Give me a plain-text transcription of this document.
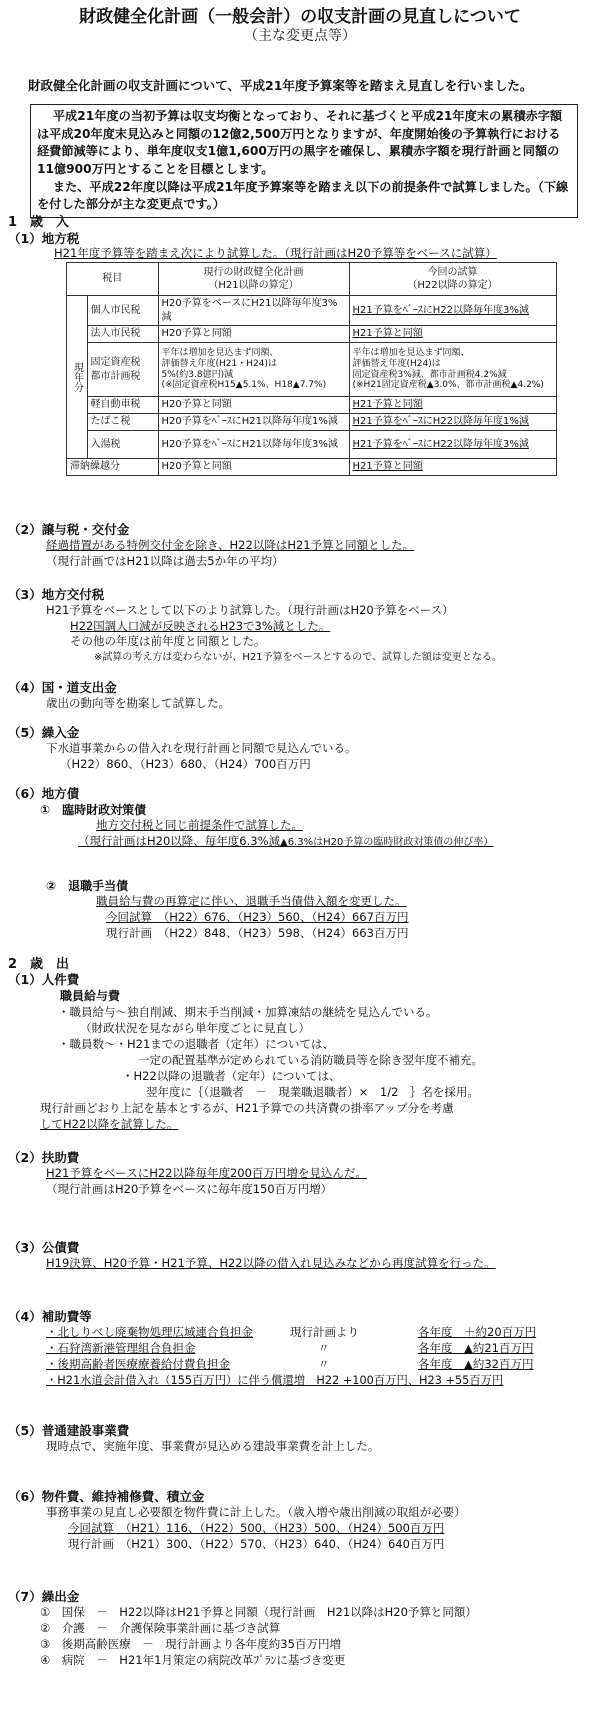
財政健全化計画（一般会計）の収支計画の見直しについて
（主な変更点等）
財政健全化計画の収支計画について、平成21年度予算案等を踏まえ見直しを行いました。

平成21年度の当初予算は収支均衡となっており、それに基づくと平成21年度末の累積赤字額は平成20年度末見込みと同額の12億2,500万円となりますが、年度開始後の予算執行における経費節減等により、単年度収支1億1,600万円の黒字を確保し、累積赤字額を現行計画と同額の11億900万円とすることを目標とします。

また、平成22年度以降は平成21年度予算案等を踏まえ以下の前提条件で試算しました。（下線を付した部分が主な変更点です。）

1　歳　入
（1）地方税
H21年度予算等を踏まえ次により試算した。（現行計画はH20予算等をベースに試算）
税目		現行の財政健全化計画
（H21以降の算定）	今回の試算
（H22以降の算定）
現年分	個人市民税	H20予算をベースにH21以降毎年度3%減	H21予算をﾍﾞｰｽにH22以降毎年度3%減
	法人市民税	H20予算と同額	H21予算と同額
	固定資産税
都市計画税	平年は増加を見込まず同額、
評価替え年度(H21・H24)は
5%(約3.8億円)減
(※固定資産税H15▲5.1%、H18▲7.7%)	平年は増加を見込まず同額、
評価替え年度(H24)は
固定資産税3%減、都市計画税4.2%減
(※H21固定資産税▲3.0%、都市計画税▲4.2%)
	軽自動車税	H20予算と同額	H21予算と同額
	たばこ税	H20予算をﾍﾞｰｽにH21以降毎年度1%減	H21予算をﾍﾞｰｽにH22以降毎年度1%減
	入湯税	H20予算をﾍﾞｰｽにH21以降毎年度3%減	H21予算をﾍﾞｰｽにH22以降毎年度3%減
滞納繰越分		H20予算と同額	H21予算と同額
（2）譲与税・交付金
経過措置がある特例交付金を除き、H22以降はH21予算と同額とした。
（現行計画ではH21以降は過去5か年の平均）
（3）地方交付税
H21予算をベースとして以下のより試算した。（現行計画はH20予算をベース）
H22国調人口減が反映されるH23で3%減とした。
その他の年度は前年度と同額とした。
※試算の考え方は変わらないが、H21予算をベースとするので、試算した額は変更となる。
（4）国・道支出金
歳出の動向等を勘案して試算した。
（5）繰入金
下水道事業からの借入れを現行計画と同額で見込んでいる。
（H22）860、（H23）680、（H24）700百万円
（6）地方債
①　臨時財政対策債
地方交付税と同じ前提条件で試算した。
（現行計画はH20以降、毎年度6.3%減▲6.3%はH20予算の臨時財政対策債の伸び率）
②　退職手当債
職員給与費の再算定に伴い、退職手当債借入額を変更した。
今回試算　（H22）676、（H23）560、（H24）667百万円
現行計画　（H22）848、（H23）598、（H24）663百万円
2　歳　出
（1）人件費
職員給与費
・職員給与〜独自削減、期末手当削減・加算凍結の継続を見込んでいる。
（財政状況を見ながら単年度ごとに見直し）
・職員数〜・H21までの退職者（定年）については、
一定の配置基準が定められている消防職員等を除き翌年度不補充。
・H22以降の退職者（定年）については、
翌年度に｛（退職者　－　現業職退職者）×　1/2　｝名を採用。
現行計画どおり上記を基本とするが、H21予算での共済費の掛率アップ分を考慮
してH22以降を試算した。
（2）扶助費
H21予算をベースにH22以降毎年度200百万円増を見込んだ。
（現行計画はH20予算をベースに毎年度150百万円増）
（3）公債費
H19決算、H20予算・H21予算、H22以降の借入れ見込みなどから再度試算を行った。
（4）補助費等
・北しりべし廃棄物処理広域連合負担金	現行計画より	各年度　＋約20百万円
・石狩湾新港管理組合負担金	〃	各年度　▲約21百万円
・後期高齢者医療療養給付費負担金	〃	各年度　▲約32百万円
・H21水道会計借入れ（155百万円）に伴う償還増　H22 +100百万円、H23 +55百万円
（5）普通建設事業費
現時点で、実施年度、事業費が見込める建設事業費を計上した。
（6）物件費、維持補修費、積立金
事務事業の見直し必要額を物件費に計上した。（歳入増や歳出削減の取組が必要）
今回試算　（H21）116、（H22）500、（H23）500、（H24）500百万円
現行計画　（H21）300、（H22）570、（H23）640、（H24）640百万円
（7）繰出金
①　国保　－　H22以降はH21予算と同額（現行計画　H21以降はH20予算と同額）
②　介護　－　介護保険事業計画に基づき試算
③　後期高齢医療　－　現行計画より各年度約35百万円増
④　病院　－　H21年1月策定の病院改革ﾌﾟﾗﾝに基づき変更
